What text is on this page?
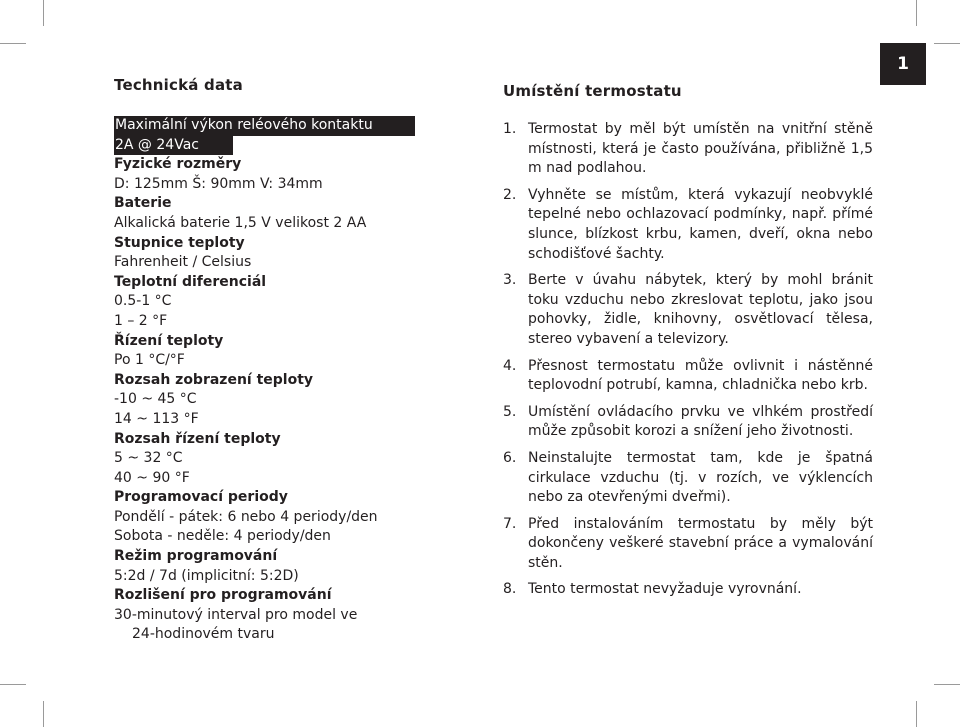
1
Technická data
Maximální výkon reléového kontaktu
2A @ 24Vac
Fyzické rozměry
D: 125mm Š: 90mm V: 34mm
Baterie
Alkalická baterie 1,5 V velikost 2 AA
Stupnice teploty
Fahrenheit / Celsius
Teplotní diferenciál
0.5-1 °C
1 – 2 °F
Řízení teploty
Po 1 °C/°F
Rozsah zobrazení teploty
-10 ~ 45 °C
14 ~ 113 °F
Rozsah řízení teploty
5 ~ 32 °C
40 ~ 90 °F
Programovací periody
Pondělí - pátek: 6 nebo 4 periody/den
Sobota - neděle: 4 periody/den
Režim programování
5:2d / 7d (implicitní: 5:2D)
Rozlišení pro programování
30-minutový interval pro model ve
24-hodinovém tvaru
Umístění termostatu
1. Termostat by měl být umístěn na vnitřní stěně místnosti, která je často používána, přibližně 1,5 m nad podlahou.
2. Vyhněte se místům, která vykazují neobvyklé tepelné nebo ochlazovací podmínky, např. přímé slunce, blízkost krbu, kamen, dveří, okna nebo schodišťové šachty.
3. Berte v úvahu nábytek, který by mohl bránit toku vzduchu nebo zkreslovat teplotu, jako jsou pohovky, židle, knihovny, osvětlovací tělesa, stereo vybavení a televizory.
4. Přesnost termostatu může ovlivnit i nástěnné teplovodní potrubí, kamna, chladnička nebo krb.
5. Umístění ovládacího prvku ve vlhkém prostředí může způsobit korozi a snížení jeho životnosti.
6. Neinstalujte termostat tam, kde je špatná cirkulace vzduchu (tj. v rozích, ve výklencích nebo za otevřenými dveřmi).
7. Před instalováním termostatu by měly být dokončeny veškeré stavební práce a vymalování stěn.
8. Tento termostat nevyžaduje vyrovnání.
